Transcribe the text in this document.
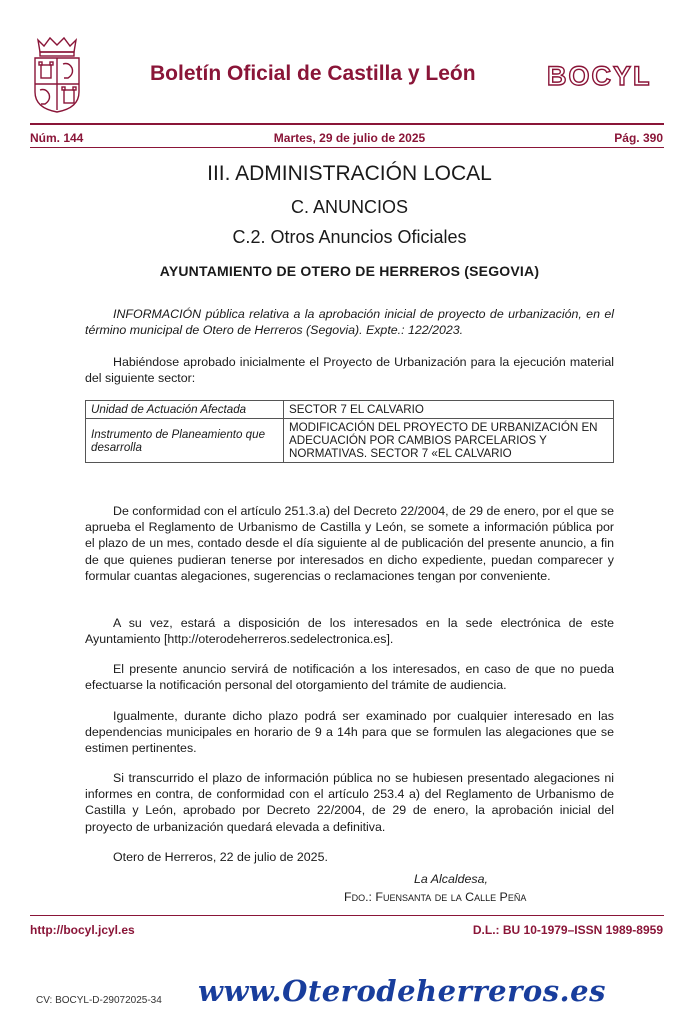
Boletín Oficial de Castilla y León	BOCYL
Núm. 144	Martes, 29 de julio de 2025	Pág. 390
III. ADMINISTRACIÓN LOCAL
C. ANUNCIOS
C.2. Otros Anuncios Oficiales
AYUNTAMIENTO DE OTERO DE HERREROS (SEGOVIA)
INFORMACIÓN pública relativa a la aprobación inicial de proyecto de urbanización, en el término municipal de Otero de Herreros (Segovia). Expte.: 122/2023.
Habiéndose aprobado inicialmente el Proyecto de Urbanización para la ejecución material del siguiente sector:
Unidad de Actuación Afectada	SECTOR 7 EL CALVARIO
Instrumento de Planeamiento que desarrolla	MODIFICACIÓN DEL PROYECTO DE URBANIZACIÓN EN ADECUACIÓN POR CAMBIOS PARCELARIOS Y NORMATIVAS. SECTOR 7 «EL CALVARIO
De conformidad con el artículo 251.3.a) del Decreto 22/2004, de 29 de enero, por el que se aprueba el Reglamento de Urbanismo de Castilla y León, se somete a información pública por el plazo de un mes, contado desde el día siguiente al de publicación del presente anuncio, a fin de que quienes pudieran tenerse por interesados en dicho expediente, puedan comparecer y formular cuantas alegaciones, sugerencias o reclamaciones tengan por conveniente.
A su vez, estará a disposición de los interesados en la sede electrónica de este Ayuntamiento [http://oterodeherreros.sedelectronica.es].
El presente anuncio servirá de notificación a los interesados, en caso de que no pueda efectuarse la notificación personal del otorgamiento del trámite de audiencia.
Igualmente, durante dicho plazo podrá ser examinado por cualquier interesado en las dependencias municipales en horario de 9 a 14h para que se formulen las alegaciones que se estimen pertinentes.
Si transcurrido el plazo de información pública no se hubiesen presentado alegaciones ni informes en contra, de conformidad con el artículo 253.4 a) del Reglamento de Urbanismo de Castilla y León, aprobado por Decreto 22/2004, de 29 de enero, la aprobación inicial del proyecto de urbanización quedará elevada a definitiva.
Otero de Herreros, 22 de julio de 2025.
La Alcaldesa,
Fdo.: Fuensanta de la Calle Peña
http://bocyl.jcyl.es	D.L.: BU 10-1979–ISSN 1989-8959
CV: BOCYL-D-29072025-34 www.Oterodeherreros.es
